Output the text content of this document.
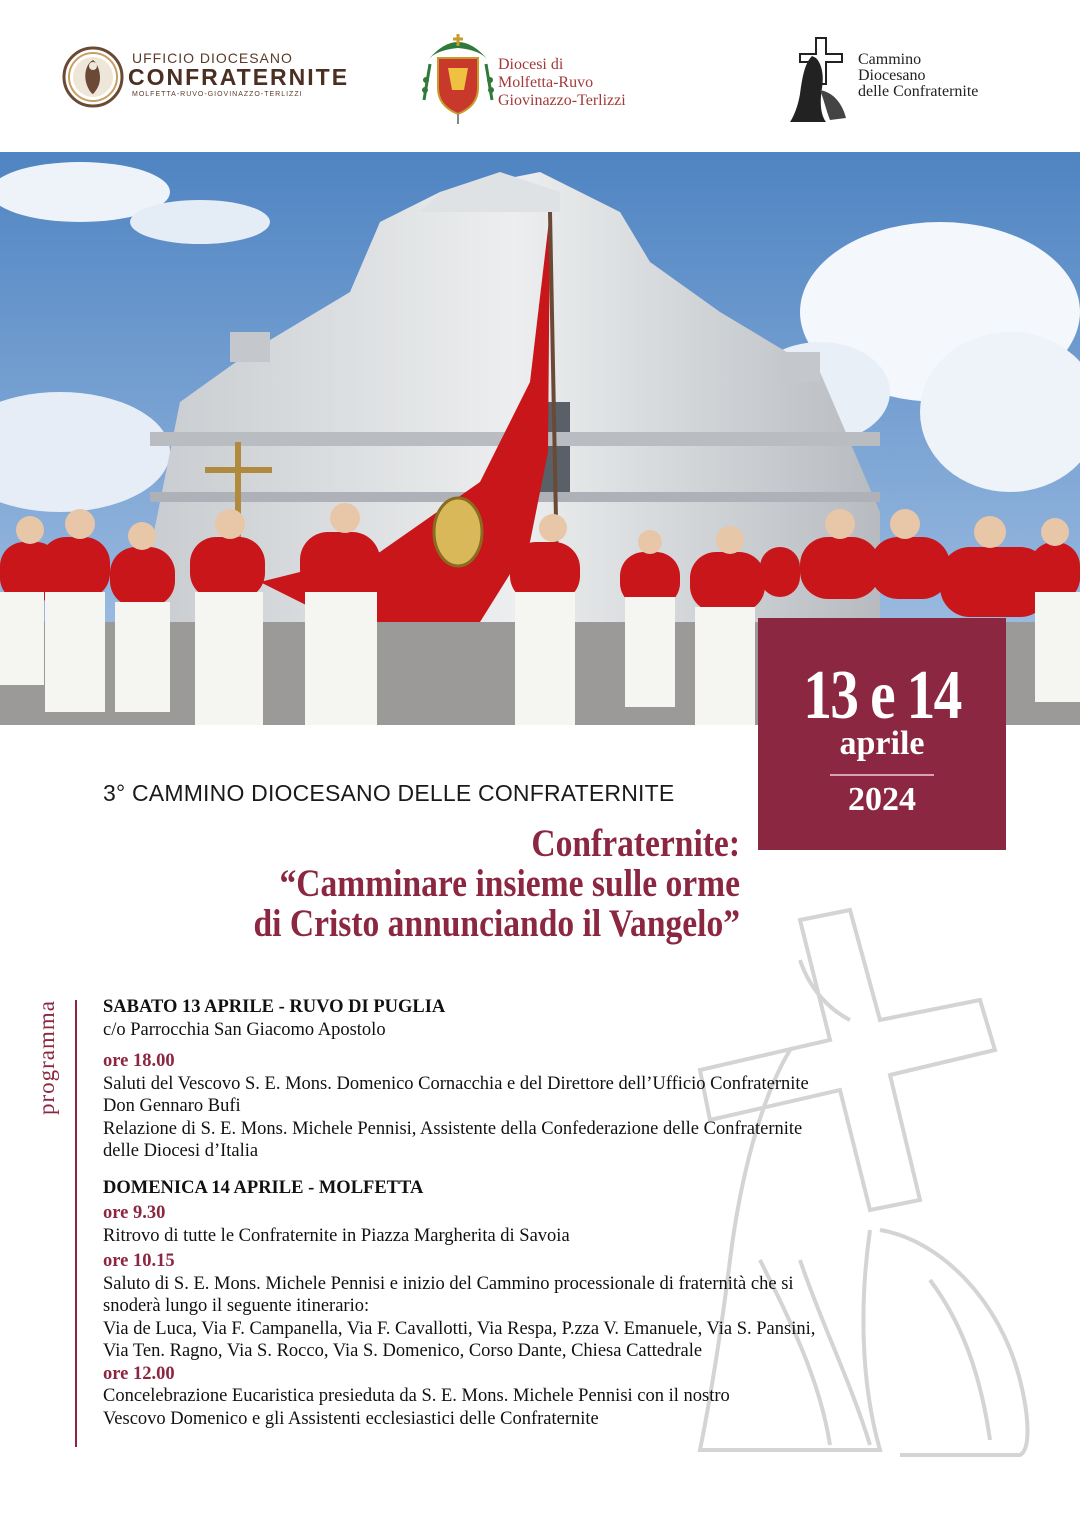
UFFICIO DIOCESANO
CONFRATERNITE
MOLFETTA-RUVO-GIOVINAZZO-TERLIZZI
Diocesi di
Molfetta-Ruvo
Giovinazzo-Terlizzi
Cammino
Diocesano
delle Confraternite
13 e 14
aprile
2024
3° CAMMINO DIOCESANO DELLE CONFRATERNITE
Confraternite:
“Camminare insieme sulle orme
di Cristo annunciando il Vangelo”
programma SABATO 13 APRILE - RUVO DI PUGLIA
c/o Parrocchia San Giacomo Apostolo
ore 18.00
Saluti del Vescovo S. E. Mons. Domenico Cornacchia e del Direttore dell’Ufficio Confraternite
Don Gennaro Bufi
Relazione di S. E. Mons. Michele Pennisi, Assistente della Confederazione delle Confraternite
delle Diocesi d’Italia
DOMENICA 14 APRILE - MOLFETTA
ore 9.30
Ritrovo di tutte le Confraternite in Piazza Margherita di Savoia
ore 10.15
Saluto di S. E. Mons. Michele Pennisi e inizio del Cammino processionale di fraternità che si
snoderà lungo il seguente itinerario:
Via de Luca, Via F. Campanella, Via F. Cavallotti, Via Respa, P.zza V. Emanuele, Via S. Pansini,
Via Ten. Ragno, Via S. Rocco, Via S. Domenico, Corso Dante, Chiesa Cattedrale
ore 12.00
Concelebrazione Eucaristica presieduta da S. E. Mons. Michele Pennisi con il nostro
Vescovo Domenico e gli Assistenti ecclesiastici delle Confraternite
